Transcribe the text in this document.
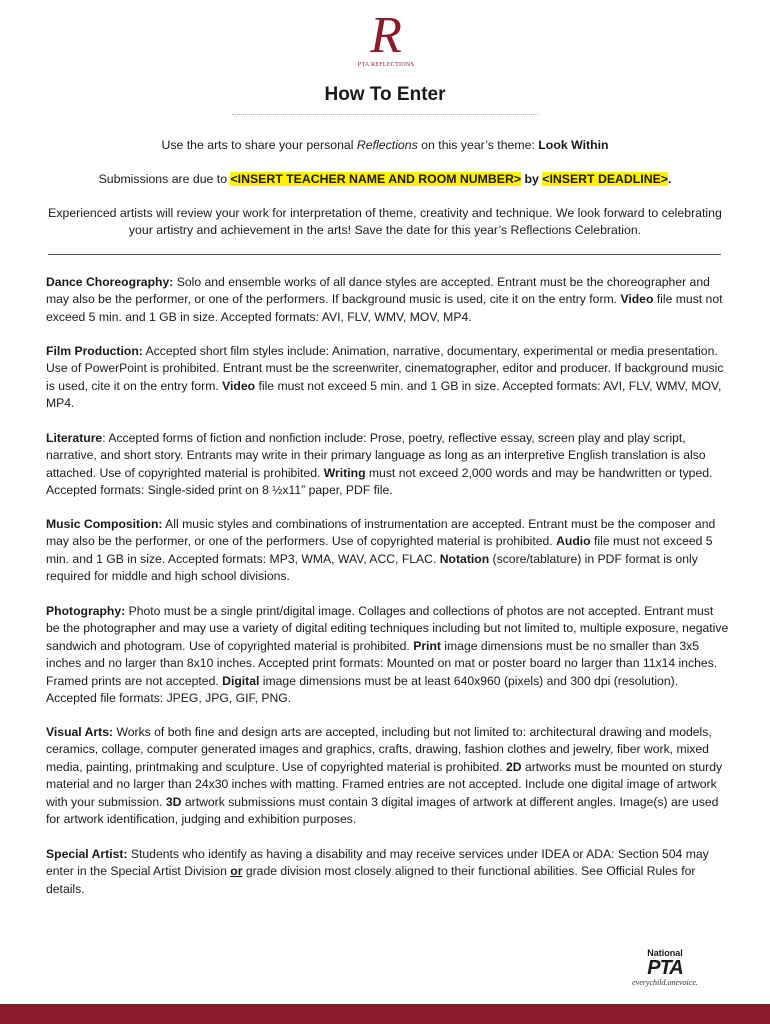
R
PTA REFLECTIONS
How To Enter

Use the arts to share your personal Reflections on this year’s theme: Look Within

Submissions are due to <INSERT TEACHER NAME AND ROOM NUMBER> by <INSERT DEADLINE>.

Experienced artists will review your work for interpretation of theme, creativity and technique. We look forward to celebrating your artistry and achievement in the arts! Save the date for this year’s Reflections Celebration.

Dance Choreography: Solo and ensemble works of all dance styles are accepted. Entrant must be the choreographer and may also be the performer, or one of the performers. If background music is used, cite it on the entry form. Video file must not exceed 5 min. and 1 GB in size. Accepted formats: AVI, FLV, WMV, MOV, MP4.

Film Production: Accepted short film styles include: Animation, narrative, documentary, experimental or media presentation. Use of PowerPoint is prohibited. Entrant must be the screenwriter, cinematographer, editor and producer. If background music is used, cite it on the entry form. Video file must not exceed 5 min. and 1 GB in size. Accepted formats: AVI, FLV, WMV, MOV, MP4.

Literature: Accepted forms of fiction and nonfiction include: Prose, poetry, reflective essay, screen play and play script, narrative, and short story. Entrants may write in their primary language as long as an interpretive English translation is also attached. Use of copyrighted material is prohibited. Writing must not exceed 2,000 words and may be handwritten or typed. Accepted formats: Single-sided print on 8 ½x11” paper, PDF file.

Music Composition: All music styles and combinations of instrumentation are accepted. Entrant must be the composer and may also be the performer, or one of the performers. Use of copyrighted material is prohibited. Audio file must not exceed 5 min. and 1 GB in size. Accepted formats: MP3, WMA, WAV, ACC, FLAC. Notation (score/tablature) in PDF format is only required for middle and high school divisions.

Photography: Photo must be a single print/digital image. Collages and collections of photos are not accepted. Entrant must be the photographer and may use a variety of digital editing techniques including but not limited to, multiple exposure, negative sandwich and photogram. Use of copyrighted material is prohibited. Print image dimensions must be no smaller than 3x5 inches and no larger than 8x10 inches. Accepted print formats: Mounted on mat or poster board no larger than 11x14 inches. Framed prints are not accepted. Digital image dimensions must be at least 640x960 (pixels) and 300 dpi (resolution). Accepted file formats: JPEG, JPG, GIF, PNG.

Visual Arts: Works of both fine and design arts are accepted, including but not limited to: architectural drawing and models, ceramics, collage, computer generated images and graphics, crafts, drawing, fashion clothes and jewelry, fiber work, mixed media, painting, printmaking and sculpture. Use of copyrighted material is prohibited. 2D artworks must be mounted on sturdy material and no larger than 24x30 inches with matting. Framed entries are not accepted. Include one digital image of artwork with your submission. 3D artwork submissions must contain 3 digital images of artwork at different angles. Image(s) are used for artwork identification, judging and exhibition purposes.

Special Artist: Students who identify as having a disability and may receive services under IDEA or ADA: Section 504 may enter in the Special Artist Division or grade division most closely aligned to their functional abilities. See Official Rules for details.

National
PTA
everychild.onevoice.
